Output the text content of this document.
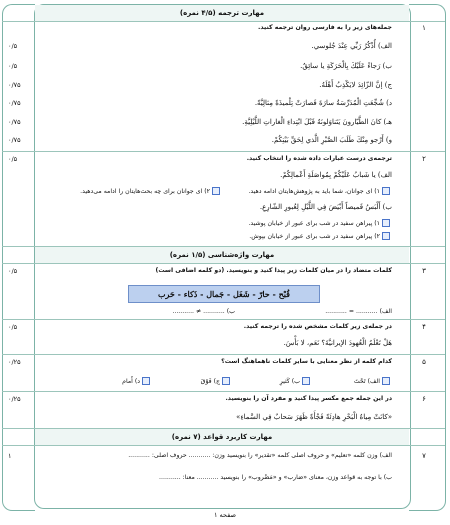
مهارت ترجمه (۴/۵ نمره)
۱
جمله‌های زیر را به فارسی روان ترجمه کنید.
الف) أُذْكُرُ رَبِّي عِنْدَ جُلوسي.
۰/۵
ب) رَجاءً عَلَيْكَ بِالْحَرَكَةِ يا سائِقُ.
۰/۵
ج) إنَّ الزّائِدَ لايَكْذِبُ أَهْلَهُ.
۰/۷۵
د) شُجِّعَتِ الْمُدَرِّسَةُ سارَةَ فَصارَتْ تِلْميذَةً مِثالِيَّةً.
۰/۷۵
هـ) كانَ الطَّيّارونَ يَتَناوَلونَهُ قَبْلَ ابْتِداءِ الْغاراتِ اللَّيْلِيَّةِ.
۰/۷۵
و) أَرْجو مِنْكَ طَلَبَ الصَّبْرِ الَّذي لِحَقِّ بَيْتِكُمْ.
۰/۷۵
۲
۰/۵	ترجمه‌ی درست عبارات داده شده را انتخاب کنید.
الف) يا شَبابُ عَلَيْكُمْ بِمُواصَلَةِ أَعْمالِكُمْ.
۱) ای جوانان، شما باید به پژوهش‌هایتان ادامه دهید.
۲) ای جوانان برای چه بحث‌هایتان را ادامه می‌دهید.
ب) أَلْبَسُ قَميصاً أَبْيَضَ فِي اللَّيْلِ لِعُبورِ الشّارِعِ.
۱) پیراهن سفید در شب برای عبور از خیابان پوشید.
۲) پیراهن سفید در شب برای عبور از خیابان بپوش.
مهارت واژه‌شناسی (۱/۵ نمره)
۳
۰/۵	کلمات متضاد را در میان کلمات زیر پیدا کنید و بنویسید. (دو کلمه اضافی است)
قُبْح - حارّ - شَغَل - جَمال - ذَكاء - حَرب
الف) ........... = ...........
ب) ........... ≠ ...........
۴
۰/۵	در جمله‌ی زیر کلمات مشخص شده را ترجمه کنید.
هَلْ تَعْلَمُ الْعُهودَ الإيرانيَّةَ؟ نَعَم، لا بَأْسَ.
۵
۰/۲۵	کدام کلمه از نظر معنایی با سایر کلمات ناهماهنگ است؟
الف) تَحْتَ
ب) كَثيرِ
ج) فَوْقَ
د) أَمام
۶
۰/۲۵	در این جمله جمع مکسر پیدا کنید و مفرد آن را بنویسید.
«كانَتْ مِياهُ الْبَحْرِ هادِئَةً فَجْأَةً ظَهَرَ سَحابٌ فِي السَّماءِ»
مهارت کاربرد قواعد (۷ نمره)
۷
۱	الف) وزن کلمه «تعلیم» و حروف اصلی کلمه «تقدیر» را بنویسید وزن: ........... حروف اصلی: ...........
ب) با توجه به قواعد وزن، معنای «ضارب» و «مَضْروب» را بنویسید ........... معنا: ...........
صفحه ۱
